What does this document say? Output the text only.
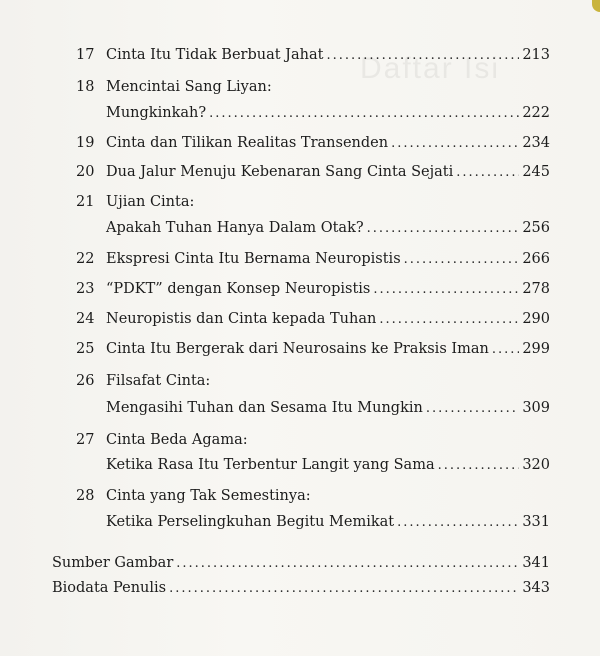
Daftar Isi
17 Cinta Itu Tidak Berbuat Jahat .....	213
18 Mencintai Sang Liyan:
Mungkinkah? .....	222
19 Cinta dan Tilikan Realitas Transenden .....	234
20 Dua Jalur Menuju Kebenaran Sang Cinta Sejati .....	245
21 Ujian Cinta:
Apakah Tuhan Hanya Dalam Otak? .....	256
22 Ekspresi Cinta Itu Bernama Neuropistis .....	266
23 “PDKT” dengan Konsep Neuropistis .....	278
24 Neuropistis dan Cinta kepada Tuhan .....	290
25 Cinta Itu Bergerak dari Neurosains ke Praksis Iman ..... 299
26 Filsafat Cinta:
Mengasihi Tuhan dan Sesama Itu Mungkin .....	309
27 Cinta Beda Agama:
Ketika Rasa Itu Terbentur Langit yang Sama .....	320
28 Cinta yang Tak Semestinya:
Ketika Perselingkuhan Begitu Memikat .....	331
Sumber Gambar .....	341
Biodata Penulis .....	343
